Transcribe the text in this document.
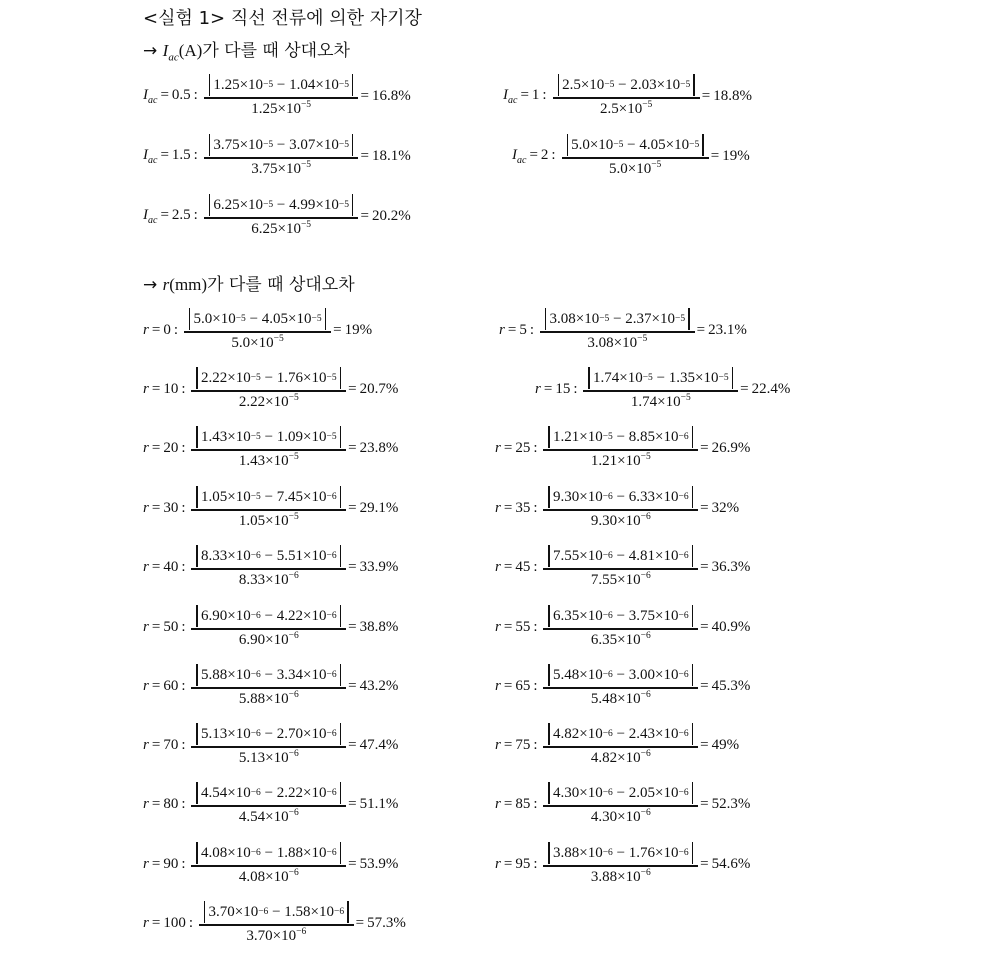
<실험 1> 직선 전류에 의한 자기장
→ $I_{ac}(A)$가 다를 때 상대오차
→ r(mm)가 다를 때 상대오차
$I_{ac} = 0.5$ : $\frac{1.25 \times 10 -5 - 1.04 \times 10 -5}{1.25\times 10^{-5}} = 16.8\%$	$I_{ac} = 1$ : $\frac{2.5 \times 10 -5 - 2.03 \times 10 -5}{2.5\times 10^{-5}} = 18.8\%$
$I_{ac} = 1.5$ : $\frac{3.75 \times 10 -5 - 3.07 \times 10 -5}{3.75\times 10^{-5}} = 18.1\%$	$I_{ac} = 2$ : $\frac{5.0 \times 10 -5 - 4.05 \times 10 -5}{5.0\times 10^{-5}} = 19\%$
$I_{ac} = 2.5$ : $\frac{6.25 \times 10 -5 - 4.99 \times 10 -5}{6.25\times 10^{-5}} = 20.2\%$
r = 0 : $\frac{5.0 \times 10 -5 - 4.05 \times 10 -5}{5.0\times 10^{-5}} = 19\%$	r = 5 : $\frac{3.08 \times 10 -5 - 2.37 \times 10 -5}{3.08\times 10^{-5}} = 23.1\%$
r = 10 : $\frac{2.22 \times 10 -5 - 1.76 \times 10 -5}{2.22\times 10^{-5}} = 20.7\%$	r = 15 : $\frac{1.74 \times 10 -5 - 1.35 \times 10 -5}{1.74\times 10^{-5}} = 22.4\%$
r = 20 : $\frac{1.43 \times 10 -5 - 1.09 \times 10 -5}{1.43\times 10^{-5}} = 23.8\%$	r = 25 : $\frac{1.21 \times 10 -5 - 8.85 \times 10 -6}{1.21\times 10^{-5}} = 26.9\%$
r = 30 : $\frac{1.05 \times 10 -5 - 7.45 \times 10 -6}{1.05\times 10^{-5}} = 29.1\%$	r = 35 : $\frac{9.30 \times 10 -6 - 6.33 \times 10 -6}{9.30\times 10^{-6}} = 32\%$
r = 40 : $\frac{8.33 \times 10 -6 - 5.51 \times 10 -6}{8.33\times 10^{-6}} = 33.9\%$	r = 45 : $\frac{7.55 \times 10 -6 - 4.81 \times 10 -6}{7.55\times 10^{-6}} = 36.3\%$
r = 50 : $\frac{6.90 \times 10 -6 - 4.22 \times 10 -6}{6.90\times 10^{-6}} = 38.8\%$	r = 55 : $\frac{6.35 \times 10 -6 - 3.75 \times 10 -6}{6.35\times 10^{-6}} = 40.9\%$
r = 60 : $\frac{5.88 \times 10 -6 - 3.34 \times 10 -6}{5.88\times 10^{-6}} = 43.2\%$	r = 65 : $\frac{5.48 \times 10 -6 - 3.00 \times 10 -6}{5.48\times 10^{-6}} = 45.3\%$
r = 70 : $\frac{5.13 \times 10 -6 - 2.70 \times 10 -6}{5.13\times 10^{-6}} = 47.4\%$	r = 75 : $\frac{4.82 \times 10 -6 - 2.43 \times 10 -6}{4.82\times 10^{-6}} = 49\%$
r = 80 : $\frac{4.54 \times 10 -6 - 2.22 \times 10 -6}{4.54\times 10^{-6}} = 51.1\%$	r = 85 : $\frac{4.30 \times 10 -6 - 2.05 \times 10 -6}{4.30\times 10^{-6}} = 52.3\%$
r = 90 : $\frac{4.08 \times 10 -6 - 1.88 \times 10 -6}{4.08\times 10^{-6}} = 53.9\%$	r = 95 : $\frac{3.88 \times 10 -6 - 1.76 \times 10 -6}{3.88\times 10^{-6}} = 54.6\%$
r = 100 : $\frac{3.70 \times 10 -6 - 1.58 \times 10 -6}{3.70\times 10^{-6}} = 57.3\%$
